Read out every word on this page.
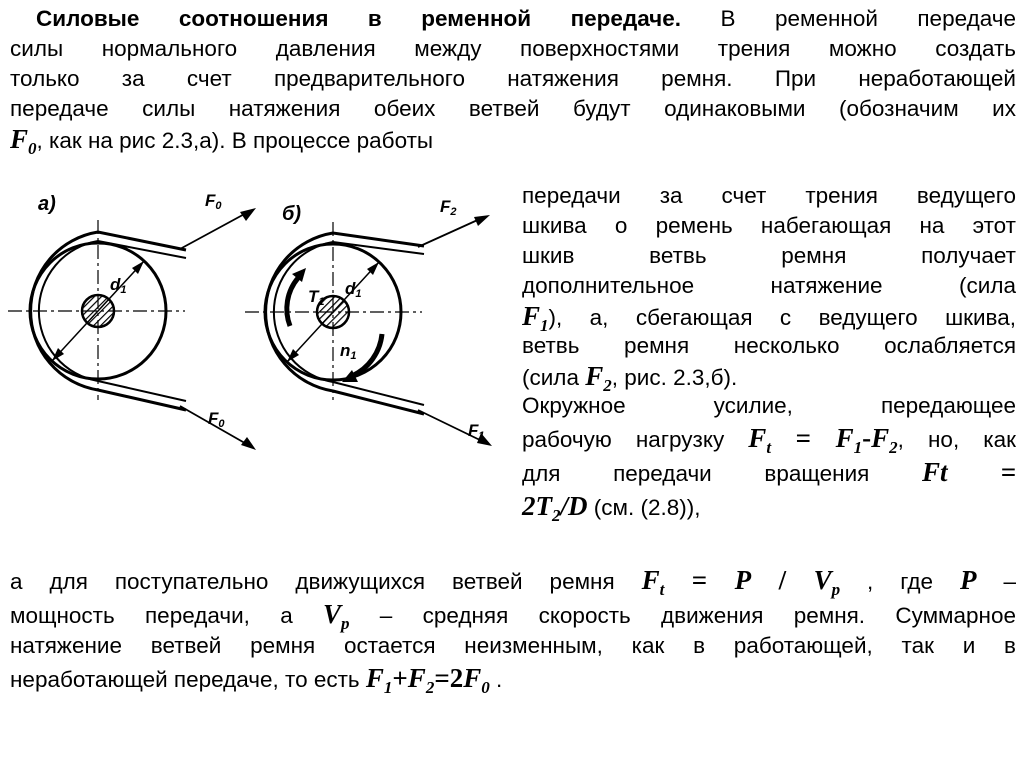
Силовые соотношения в ременной передаче. В ременной передаче
силы нормального давления между поверхностями трения можно создать
только за счет предварительного натяжения ремня. При неработающей
передаче силы натяжения обеих ветвей будут одинаковыми (обозначим их
$F_0$, как на рис 2.3,а). В процессе работы
а)
d1
F0
F0
б)
d1
T1
n1
F2
F1
передачи за счет трения ведущего
шкива о ремень набегающая на этот
шкив ветвь ремня получает
дополнительное натяжение (сила
$F_1$), а, сбегающая с ведущего шкива,
ветвь ремня несколько ослабляется
(сила $F_2$, рис. 2.3,б).
Окружное усилие, передающее
рабочую нагрузку $F_t = F_1-F_2$, но, как
для передачи вращения Ft =
$2T_2/D$ (см. (2.8)),
а для поступательно движущихся ветвей ремня $F_t = P / V_p$ , где P –
мощность передачи, а $V_p$ – средняя скорость движения ремня. Суммарное
натяжение ветвей ремня остается неизменным, как в работающей, так и в
неработающей передаче, то есть $F_1+F_2=2F_0$ .
